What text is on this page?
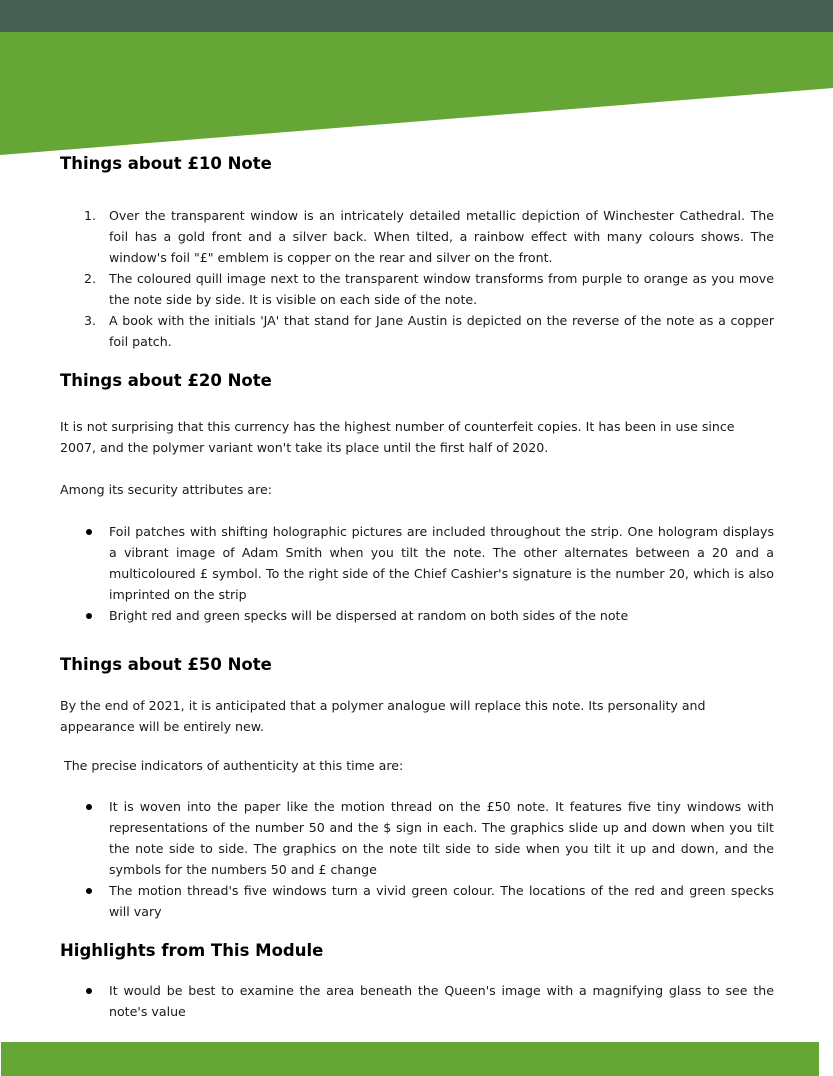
Things about £10 Note
1. Over the transparent window is an intricately detailed metallic depiction of Winchester Cathedral. The foil has a gold front and a silver back. When tilted, a rainbow effect with many colours shows. The window's foil "£" emblem is copper on the rear and silver on the front.
2. The coloured quill image next to the transparent window transforms from purple to orange as you move the note side by side. It is visible on each side of the note.
3. A book with the initials 'JA' that stand for Jane Austin is depicted on the reverse of the note as a copper foil patch.
Things about £20 Note

It is not surprising that this currency has the highest number of counterfeit copies. It has been in use since 2007, and the polymer variant won't take its place until the first half of 2020.

Among its security attributes are:

Foil patches with shifting holographic pictures are included throughout the strip. One hologram displays a vibrant image of Adam Smith when you tilt the note. The other alternates between a 20 and a multicoloured £ symbol. To the right side of the Chief Cashier's signature is the number 20, which is also imprinted on the strip
Bright red and green specks will be dispersed at random on both sides of the note
Things about £50 Note

By the end of 2021, it is anticipated that a polymer analogue will replace this note. Its personality and appearance will be entirely new.

The precise indicators of authenticity at this time are:

It is woven into the paper like the motion thread on the £50 note. It features five tiny windows with representations of the number 50 and the $ sign in each. The graphics slide up and down when you tilt the note side to side. The graphics on the note tilt side to side when you tilt it up and down, and the symbols for the numbers 50 and £ change
The motion thread's five windows turn a vivid green colour. The locations of the red and green specks will vary
Highlights from This Module
It would be best to examine the area beneath the Queen's image with a magnifying glass to see the note's value
